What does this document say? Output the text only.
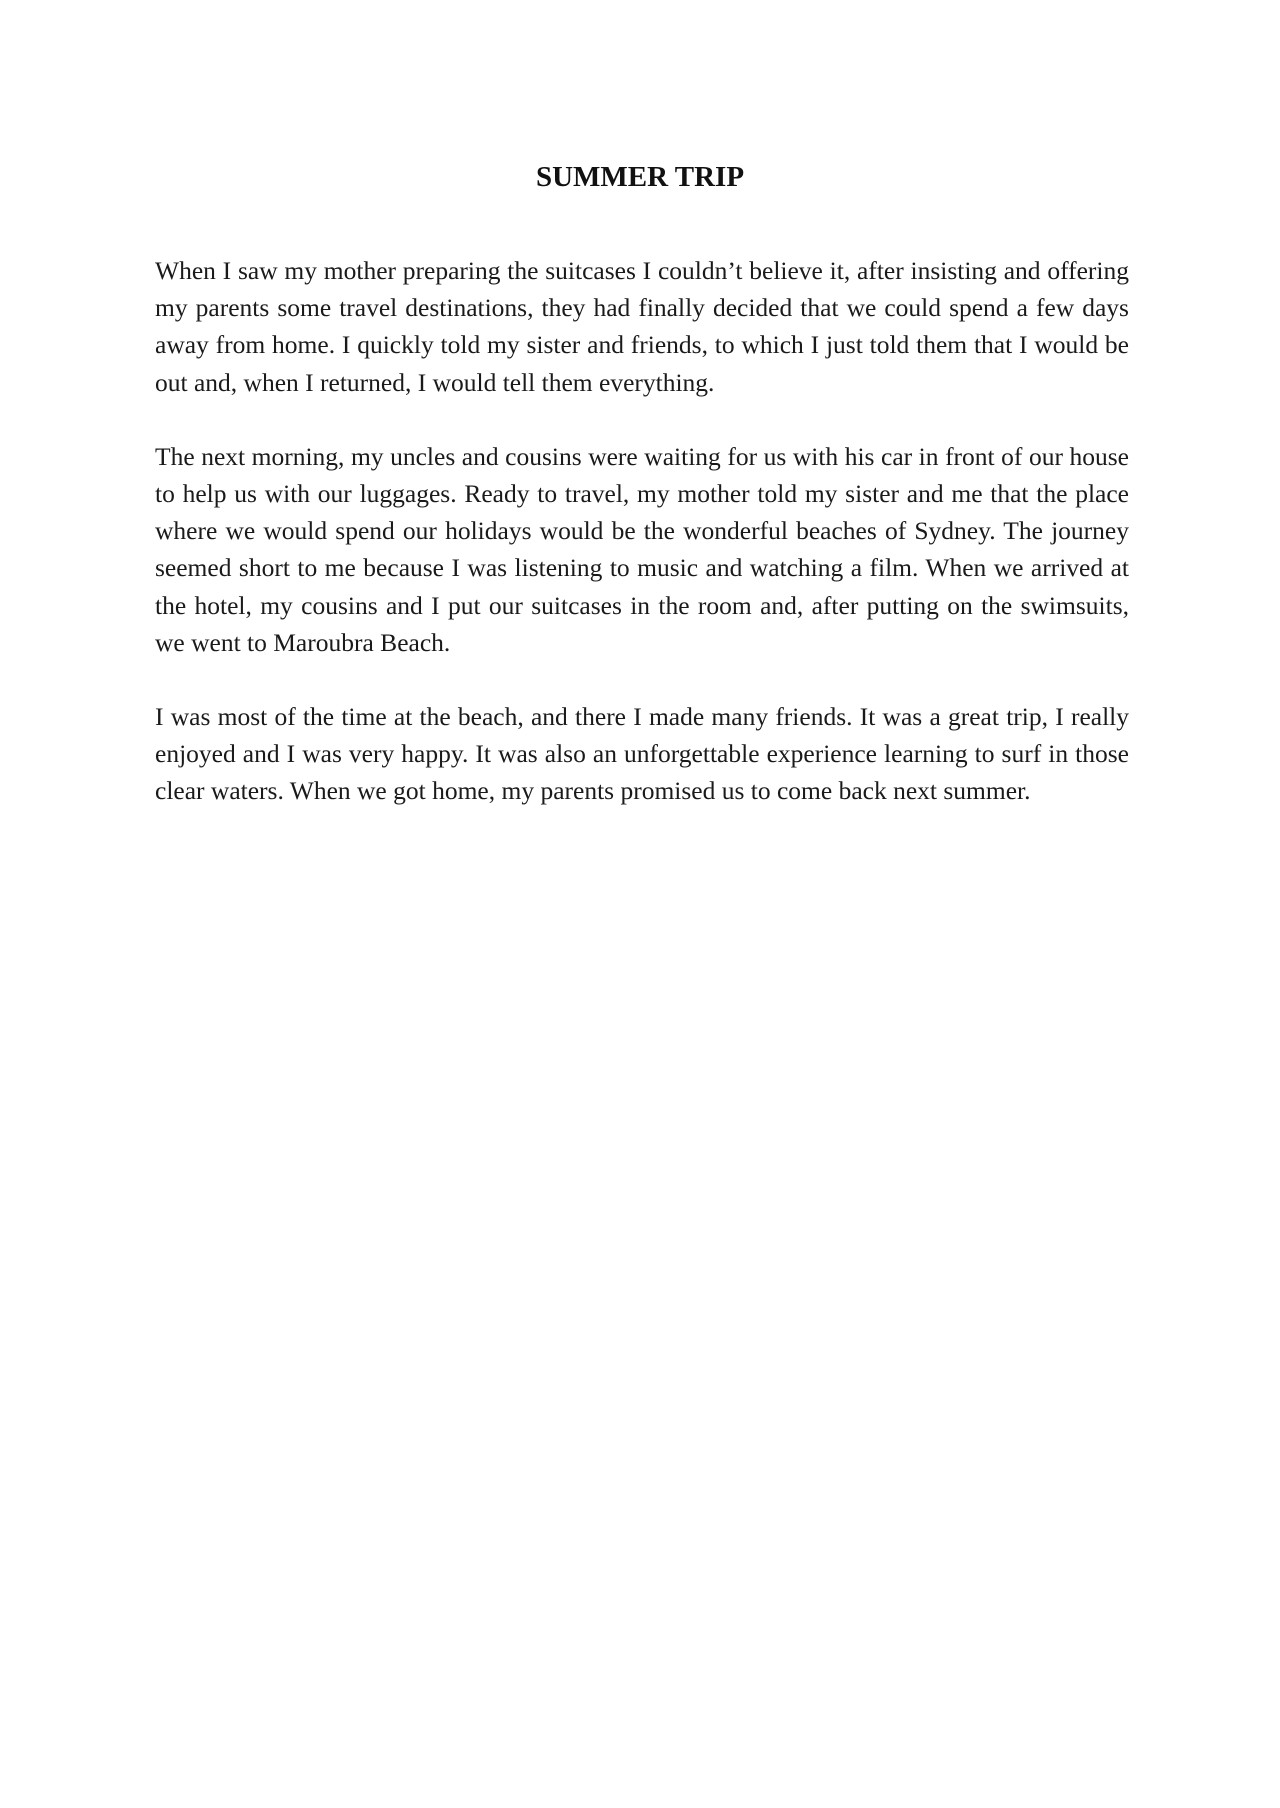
SUMMER TRIP

When I saw my mother preparing the suitcases I couldn’t believe it, after insisting and offering my parents some travel destinations, they had finally decided that we could spend a few days away from home. I quickly told my sister and friends, to which I just told them that I would be out and, when I returned, I would tell them everything.

The next morning, my uncles and cousins were waiting for us with his car in front of our house to help us with our luggages. Ready to travel, my mother told my sister and me that the place where we would spend our holidays would be the wonderful beaches of Sydney. The journey seemed short to me because I was listening to music and watching a film. When we arrived at the hotel, my cousins and I put our suitcases in the room and, after putting on the swimsuits, we went to Maroubra Beach.

I was most of the time at the beach, and there I made many friends. It was a great trip, I really enjoyed and I was very happy. It was also an unforgettable experience learning to surf in those clear waters. When we got home, my parents promised us to come back next summer.
